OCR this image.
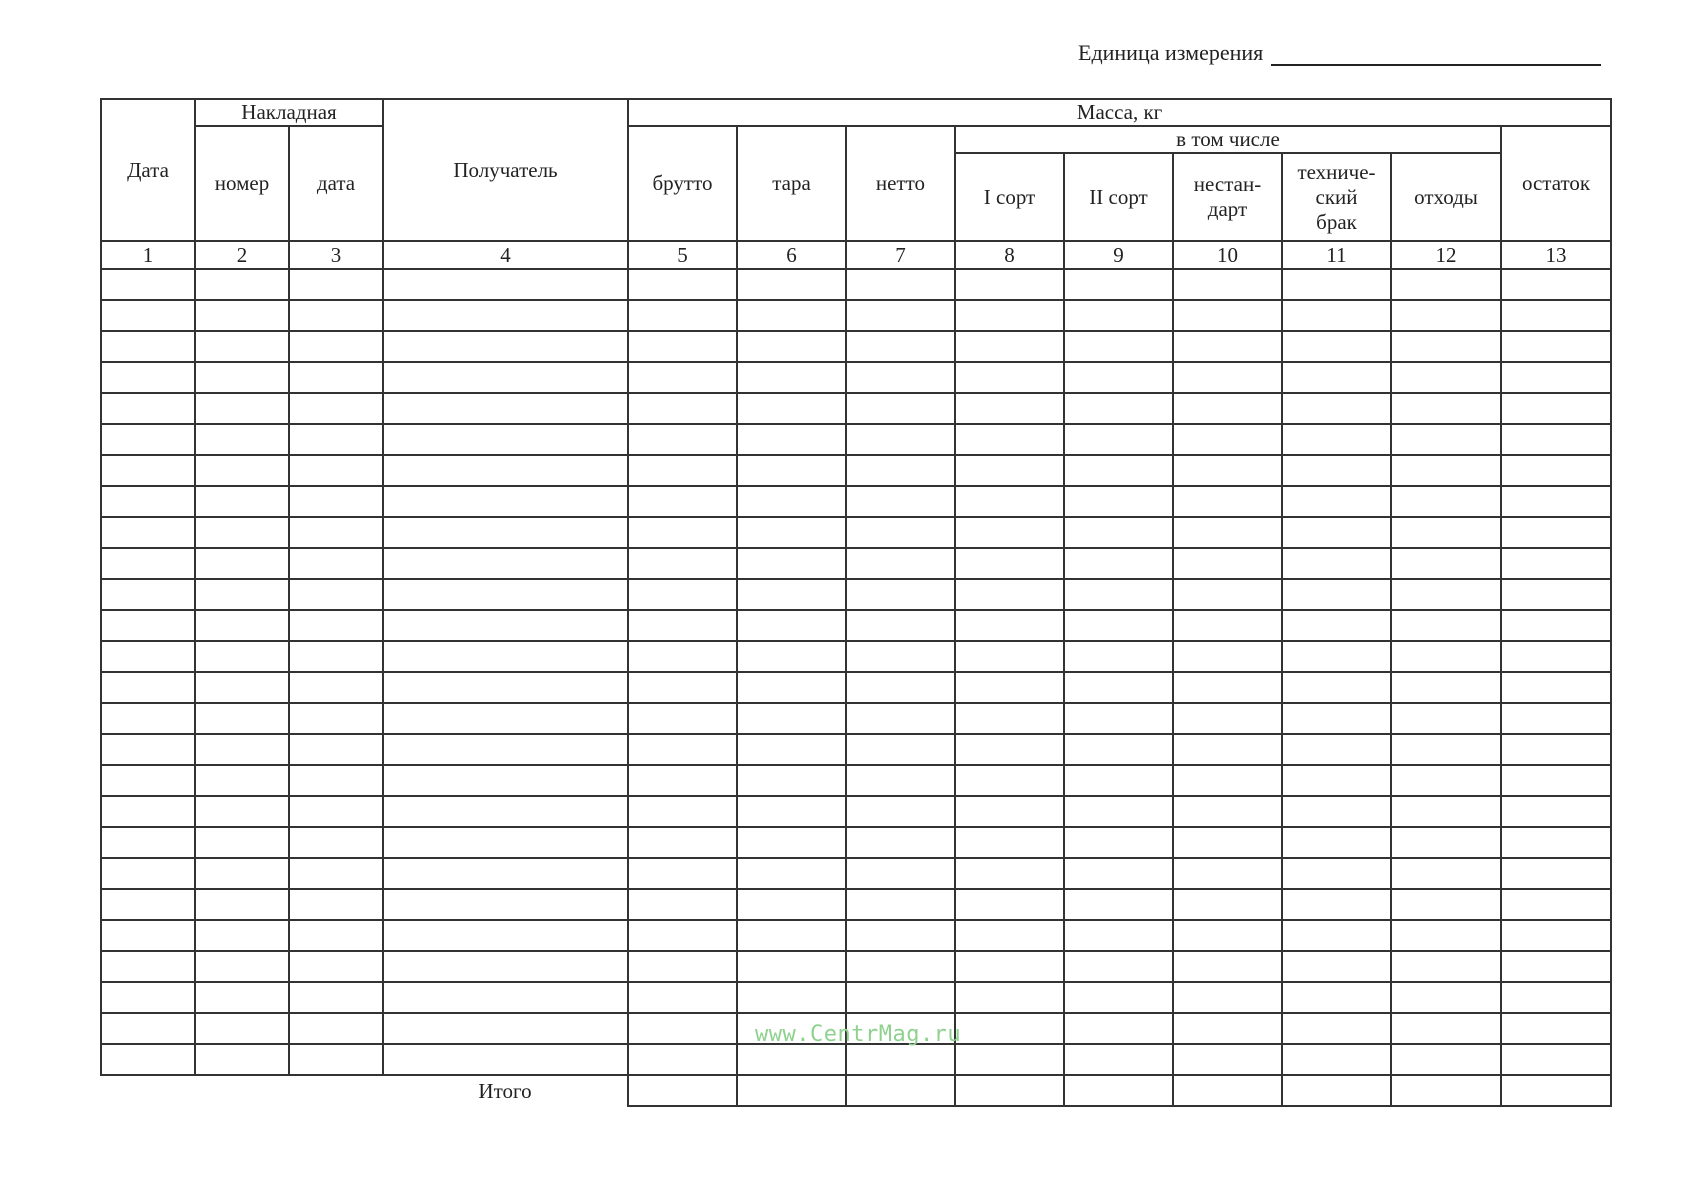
Единица измерения
Дата	Накладная		Получатель	Масса, кг								
	номер	дата		брутто	тара	нетто	в том числе					остаток
							I сорт	II сорт	нестан-дарт	техниче-ский брак	отходы	
1	2	3	4	5	6	7	8	9	10	11	12	13

			Итого									
www.CentrMag.ru
